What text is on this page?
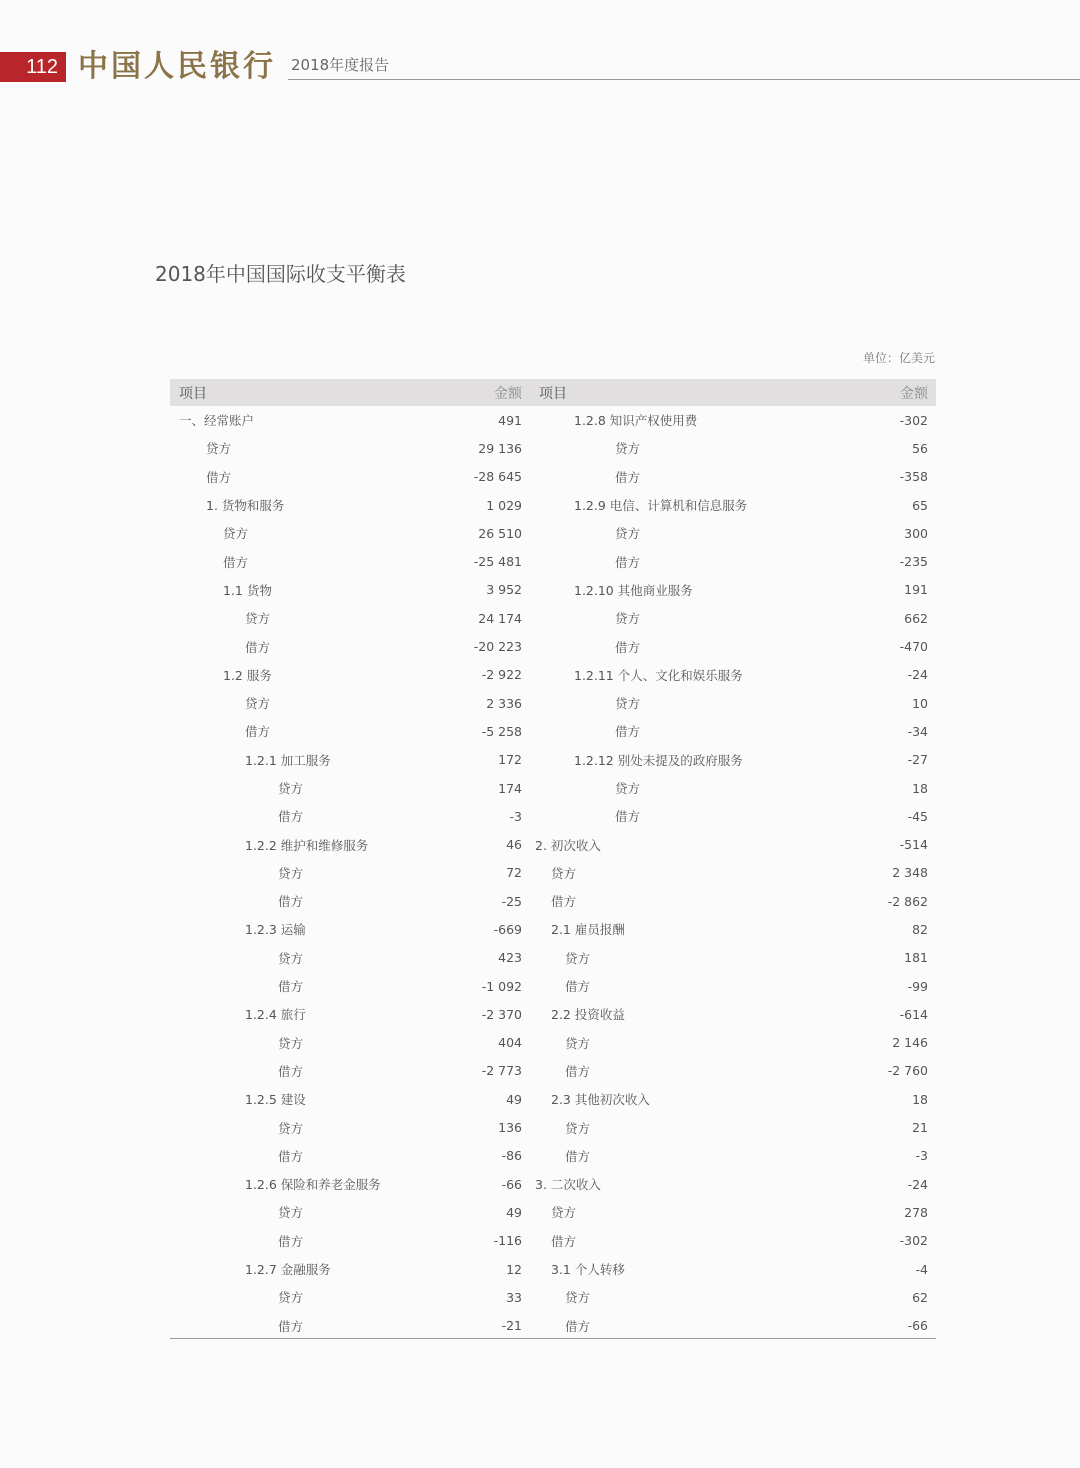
112 中国人民银行 2018年度报告
2018年中国国际收支平衡表
单位：亿美元
项目	金额	项目	金额
一、经常账户	491	1.2.8 知识产权使用费	-302
贷方	29 136	贷方	56
借方	-28 645	借方	-358
1. 货物和服务	1 029	1.2.9 电信、计算机和信息服务	65
贷方	26 510	贷方	300
借方	-25 481	借方	-235
1.1 货物	3 952	1.2.10 其他商业服务	191
贷方	24 174	贷方	662
借方	-20 223	借方	-470
1.2 服务	-2 922	1.2.11 个人、文化和娱乐服务	-24
贷方	2 336	贷方	10
借方	-5 258	借方	-34
1.2.1 加工服务	172	1.2.12 别处未提及的政府服务	-27
贷方	174	贷方	18
借方	-3	借方	-45
1.2.2 维护和维修服务	46	2. 初次收入	-514
贷方	72	贷方	2 348
借方	-25	借方	-2 862
1.2.3 运输	-669	2.1 雇员报酬	82
贷方	423	贷方	181
借方	-1 092	借方	-99
1.2.4 旅行	-2 370	2.2 投资收益	-614
贷方	404	贷方	2 146
借方	-2 773	借方	-2 760
1.2.5 建设	49	2.3 其他初次收入	18
贷方	136	贷方	21
借方	-86	借方	-3
1.2.6 保险和养老金服务	-66	3. 二次收入	-24
贷方	49	贷方	278
借方	-116	借方	-302
1.2.7 金融服务	12	3.1 个人转移	-4
贷方	33	贷方	62
借方	-21	借方	-66
